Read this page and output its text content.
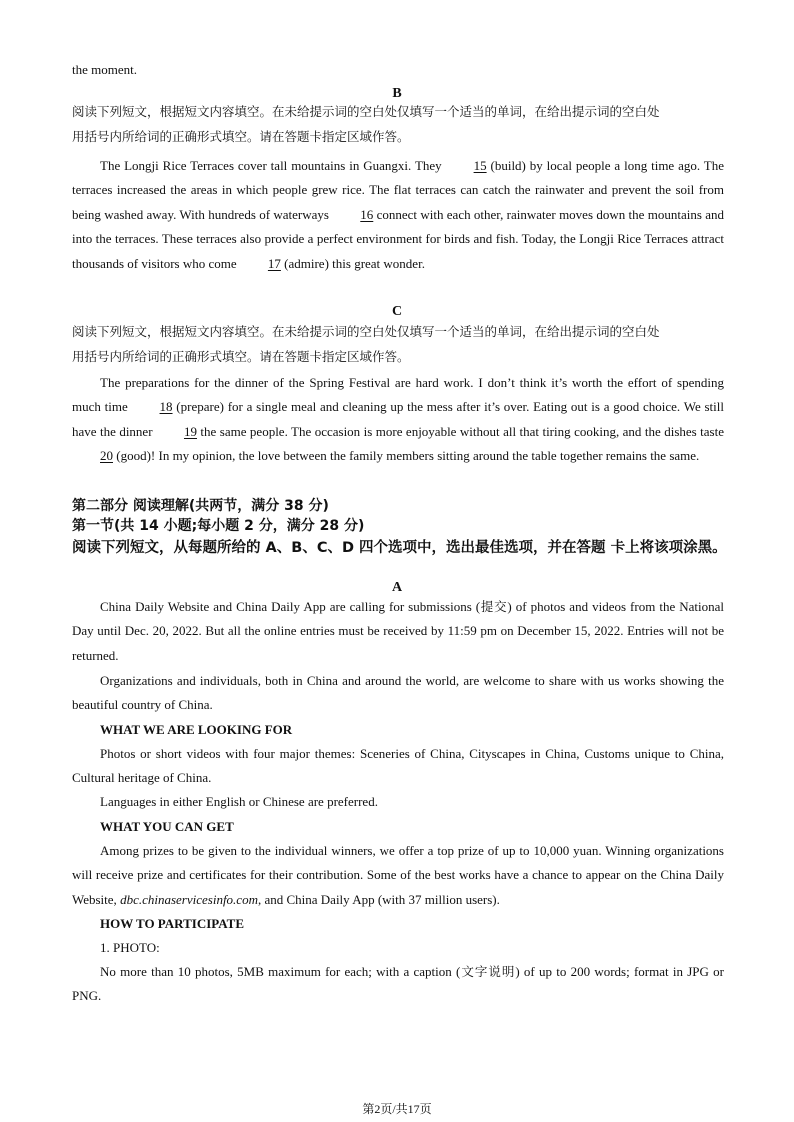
the moment.

B

阅读下列短文，根据短文内容填空。在未给提示词的空白处仅填写一个适当的单词，在给出提示词的空白处

用括号内所给词的正确形式填空。请在答题卡指定区域作答。

The Longji Rice Terraces cover tall mountains in Guangxi. They 15 (build) by local people a long time ago. The terraces increased the areas in which people grew rice. The flat terraces can catch the rainwater and prevent the soil from being washed away. With hundreds of waterways 16 connect with each other, rainwater moves down the mountains and into the terraces. These terraces also provide a perfect environment for birds and fish. Today, the Longji Rice Terraces attract thousands of visitors who come 17 (admire) this great wonder.

C

阅读下列短文，根据短文内容填空。在未给提示词的空白处仅填写一个适当的单词，在给出提示词的空白处

用括号内所给词的正确形式填空。请在答题卡指定区域作答。

The preparations for the dinner of the Spring Festival are hard work. I don’t think it’s worth the effort of spending much time 18 (prepare) for a single meal and cleaning up the mess after it’s over. Eating out is a good choice. We still have the dinner 19 the same people. The occasion is more enjoyable without all that tiring cooking, and the dishes taste 20 (good)! In my opinion, the love between the family members sitting around the table together remains the same.

第二部分 阅读理解(共两节，满分 38 分)

第一节(共 14 小题;每小题 2 分，满分 28 分)

阅读下列短文，从每题所给的 A、B、C、D 四个选项中，选出最佳选项，并在答题 卡上将该项涂黑。

A

China Daily Website and China Daily App are calling for submissions (提交) of photos and videos from the National Day until Dec. 20, 2022. But all the online entries must be received by 11:59 pm on December 15, 2022. Entries will not be returned.

Organizations and individuals, both in China and around the world, are welcome to share with us works showing the beautiful country of China.

WHAT WE ARE LOOKING FOR

Photos or short videos with four major themes: Sceneries of China, Cityscapes in China, Customs unique to China, Cultural heritage of China.

Languages in either English or Chinese are preferred.

WHAT YOU CAN GET

Among prizes to be given to the individual winners, we offer a top prize of up to 10,000 yuan. Winning organizations will receive prize and certificates for their contribution. Some of the best works have a chance to appear on the China Daily Website, dbc.chinaservicesinfo.com, and China Daily App (with 37 million users).

HOW TO PARTICIPATE

1. PHOTO:

No more than 10 photos, 5MB maximum for each; with a caption (文字说明) of up to 200 words; format in JPG or PNG.

第2页/共17页
